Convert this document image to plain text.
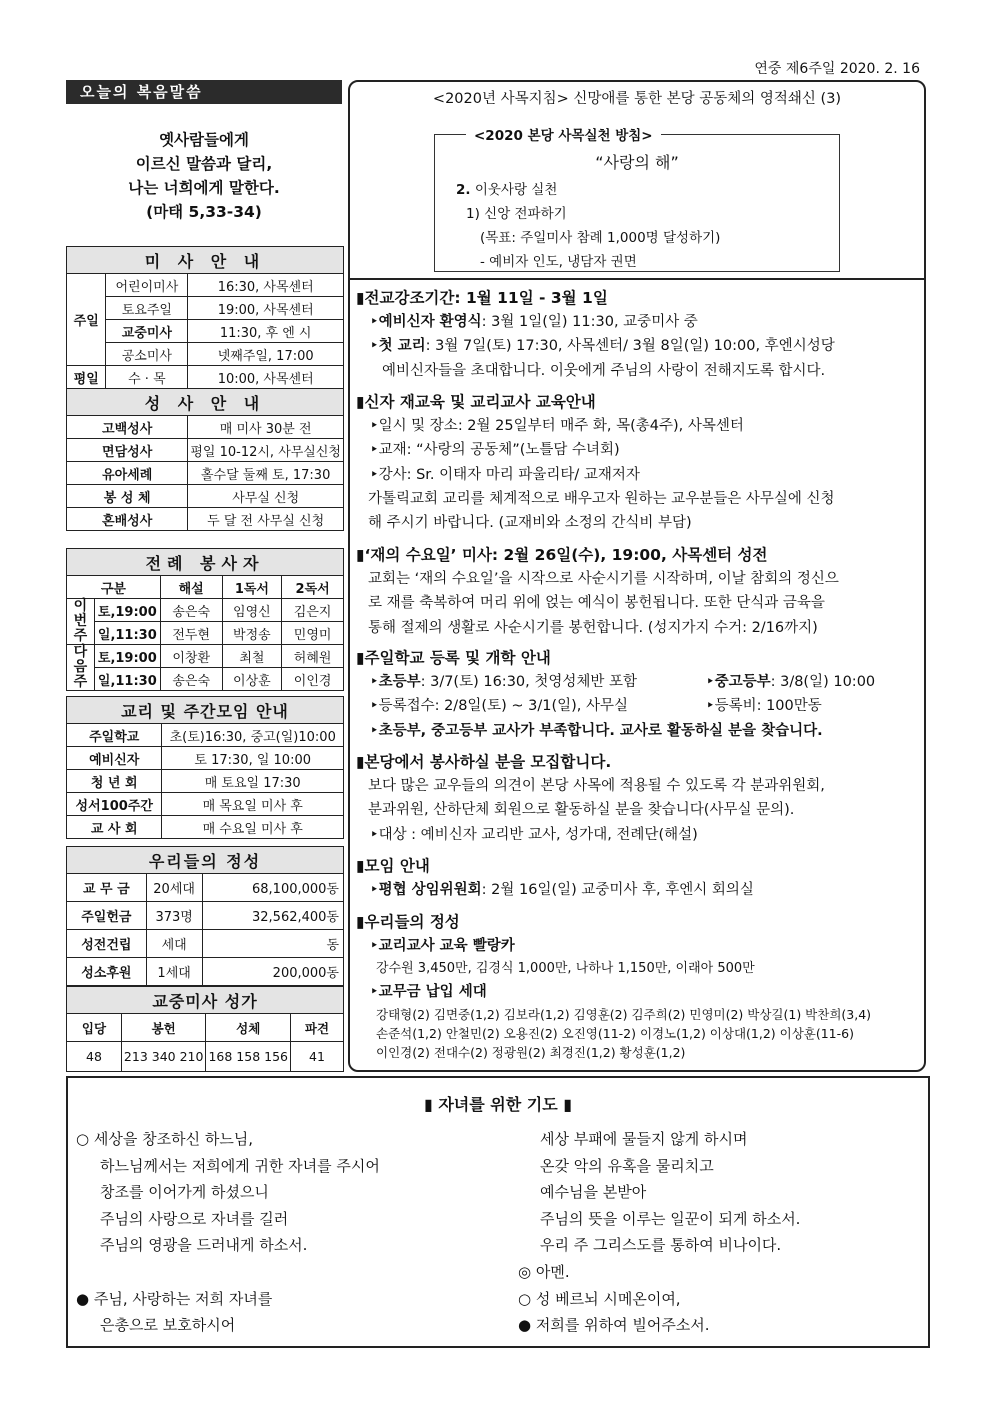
연중 제6주일 2020. 2. 16
오늘의 복음말씀
옛사람들에게
이르신 말씀과 달리,
나는 너희에게 말한다.
(마태 5,33-34)
미 사 안 내		
주일	어린이미사	16:30, 사목센터
	토요주일	19:00, 사목센터
	교중미사	11:30, 후 엔 시
	공소미사	넷째주일, 17:00
평일	수 · 목	10:00, 사목센터
성 사 안 내		
고백성사		매 미사 30분 전
면담성사		평일 10-12시, 사무실신청
유아세례		홀수달 둘째 토, 17:30
봉 성 체		사무실 신청
혼배성사		두 달 전 사무실 신청
전례 봉사자				
구분		해설	1독서	2독서
이번주	토,19:00	송은숙	임영신	김은지
	일,11:30	전두현	박정송	민영미
다음주	토,19:00	이창환	최철	허혜원
	일,11:30	송은숙	이상훈	이인경
교리 및 주간모임 안내	
주일학교	초(토)16:30, 중고(일)10:00
예비신자	토 17:30, 일 10:00
청 년 회	매 토요일 17:30
성서100주간	매 목요일 미사 후
교 사 회	매 수요일 미사 후
우리들의 정성		
교 무 금	20세대	68,100,000동
주일헌금	373명	32,562,400동
성전건립	세대	동
성소후원	1세대	200,000동
교중미사 성가			
입당	봉헌	성체	파견
48	213 340 210	168 158 156	41
<2020년 사목지침> 신망애를 통한 본당 공동체의 영적쇄신 (3)
<2020 본당 사목실천 방침>
“사랑의 해”
2. 이웃사랑 실천
1) 신앙 전파하기
(목표: 주일미사 참례 1,000명 달성하기)
- 예비자 인도, 냉담자 권면
▮전교강조기간: 1월 11일 - 3월 1일
‣예비신자 환영식: 3월 1일(일) 11:30, 교중미사 중
‣첫 교리: 3월 7일(토) 17:30, 사목센터/ 3월 8일(일) 10:00, 후엔시성당
예비신자들을 초대합니다. 이웃에게 주님의 사랑이 전해지도록 합시다.
▮신자 재교육 및 교리교사 교육안내
‣일시 및 장소: 2월 25일부터 매주 화, 목(총4주), 사목센터
‣교재: “사랑의 공동체”(노틀담 수녀회)
‣강사: Sr. 이태자 마리 파울리타/ 교재저자
가톨릭교회 교리를 체계적으로 배우고자 원하는 교우분들은 사무실에 신청
해 주시기 바랍니다. (교재비와 소정의 간식비 부담)
▮‘재의 수요일’ 미사: 2월 26일(수), 19:00, 사목센터 성전
교회는 ‘재의 수요일’을 시작으로 사순시기를 시작하며, 이날 참회의 정신으
로 재를 축복하여 머리 위에 얹는 예식이 봉헌됩니다. 또한 단식과 금육을
통해 절제의 생활로 사순시기를 봉헌합니다. (성지가지 수거: 2/16까지)
▮주일학교 등록 및 개학 안내
‣초등부: 3/7(토) 16:30, 첫영성체반 포함	‣중고등부: 3/8(일) 10:00
‣등록접수: 2/8일(토) ~ 3/1(일), 사무실	‣등록비: 100만동
‣초등부, 중고등부 교사가 부족합니다. 교사로 활동하실 분을 찾습니다.
▮본당에서 봉사하실 분을 모집합니다.
보다 많은 교우들의 의견이 본당 사목에 적용될 수 있도록 각 분과위원회,
분과위원, 산하단체 회원으로 활동하실 분을 찾습니다(사무실 문의).
‣대상 : 예비신자 교리반 교사, 성가대, 전례단(해설)
▮모임 안내
‣평협 상임위원회: 2월 16일(일) 교중미사 후, 후엔시 회의실
▮우리들의 정성
‣교리교사 교육 빨랑카
강수원 3,450만, 김경식 1,000만, 나하나 1,150만, 이래아 500만
‣교무금 납입 세대
강태형(2) 김면중(1,2) 김보라(1,2) 김영훈(2) 김주희(2) 민영미(2) 박상길(1) 박찬희(3,4)
손준석(1,2) 안철민(2) 오용진(2) 오진영(11-2) 이경노(1,2) 이상대(1,2) 이상훈(11-6)
이인경(2) 전대수(2) 정광원(2) 최경진(1,2) 황성훈(1,2)
▮ 자녀를 위한 기도 ▮
○ 세상을 창조하신 하느님,
하느님께서는 저희에게 귀한 자녀를 주시어
창조를 이어가게 하셨으니
주님의 사랑으로 자녀를 길러
주님의 영광을 드러내게 하소서.
● 주님, 사랑하는 저희 자녀를
은총으로 보호하시어
세상 부패에 물들지 않게 하시며
온갖 악의 유혹을 물리치고
예수님을 본받아
주님의 뜻을 이루는 일꾼이 되게 하소서.
우리 주 그리스도를 통하여 비나이다.
◎ 아멘.
○ 성 베르뇌 시메온이여,
● 저희를 위하여 빌어주소서.
